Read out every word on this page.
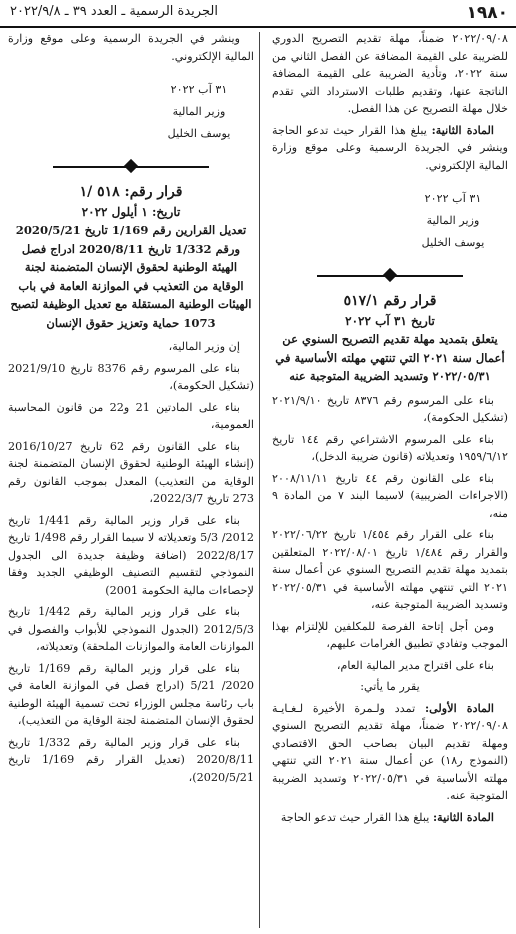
١٩٨٠
الجريدة الرسمية ـ العدد ٣٩ ـ ٢٠٢٢/٩/٨

٢٠٢٢/٠٩/٠٨ ضمناً، مهلة تقديم التصريح الدوري للضريبة على القيمة المضافة عن الفصل الثاني من سنة ٢٠٢٢، وتأدية الضريبة على القيمة المضافة الناتجة عنها، وتقديم طلبات الاسترداد التي تقدم خلال مهلة التصريح عن هذا الفصل.

المادة الثانية: يبلغ هذا القرار حيث تدعو الحاجة وينشر في الجريدة الرسمية وعلى موقع وزارة المالية الإلكتروني.

٣١ آب ٢٠٢٢

وزير المالية

يوسف الخليل

قرار رقم ٥١٧/١
تاريخ ٣١ آب ٢٠٢٢
يتعلق بتمديد مهلة تقديم التصريح السنوي عن أعمال سنة ٢٠٢١ التي تنتهي مهلته الأساسية في ٢٠٢٢/٠٥/٣١ وتسديد الضريبة المتوجبة عنه

بناء على المرسوم رقم ٨٣٧٦ تاريخ ٢٠٢١/٩/١٠ (تشكيل الحكومة)،

بناء على المرسوم الاشتراعي رقم ١٤٤ تاريخ ١٩٥٩/٦/١٢ وتعديلاته (قانون ضريبة الدخل)،

بناء على القانون رقم ٤٤ تاريخ ٢٠٠٨/١١/١١ (الاجراءات الضريبية) لاسيما البند ٧ من المادة ٩ منه،

بناء على القرار رقم ١/٤٥٤ تاريخ ٢٠٢٢/٠٦/٢٢ والقرار رقم ١/٤٨٤ تاريخ ٢٠٢٢/٠٨/٠١ المتعلقين بتمديد مهلة تقديم التصريح السنوي عن أعمال سنة ٢٠٢١ التي تنتهي مهلته الأساسية في ٢٠٢٢/٠٥/٣١ وتسديد الضريبة المتوجبة عنه،

ومن أجل إتاحة الفرصة للمكلفين للإلتزام بهذا الموجب وتفادي تطبيق الغرامات عليهم،

بناء على اقتراح مدير المالية العام،

يقرر ما يأتي:

المادة الأولى: تمدد ولـمرة الأخيرة لـغـايـة ٢٠٢٢/٠٩/٠٨ ضمناً، مهلة تقديم التصريح السنوي ومهلة تقديم البيان بصاحب الحق الاقتصادي (النموذج ر١٨) عن أعمال سنة ٢٠٢١ التي تنتهي مهلته الأساسية في ٢٠٢٢/٠٥/٣١ وتسديد الضريبة المتوجبة عنه.

المادة الثانية: يبلغ هذا القرار حيث تدعو الحاجة

وينشر في الجريدة الرسمية وعلى موقع وزارة المالية الإلكتروني.

٣١ آب ٢٠٢٢

وزير المالية

يوسف الخليل

قرار رقم: ٥١٨ /١
تاريخ: ١ أيلول ٢٠٢٢
تعديل القرارين رقم 1/169 تاريخ 2020/5/21 ورقم 1/332 تاريخ 2020/8/11 ادراج فصل الهيئة الوطنية لحقوق الإنسان المتضمنة لجنة الوقاية من التعذيب في الموازنة العامة في باب الهيئات الوطنية المستقلة مع تعديل الوظيفة لتصبح 1073 حماية وتعزيز حقوق الإنسان

إن وزير المالية،

بناء على المرسوم رقم 8376 تاريخ 2021/9/10 (تشكيل الحكومة)،

بناء على المادتين 21 و22 من قانون المحاسبة العمومية،

بناء على القانون رقم 62 تاريخ 2016/10/27 (إنشاء الهيئة الوطنية لحقوق الإنسان المتضمنة لجنة الوقاية من التعذيب) المعدل بموجب القانون رقم 273 تاريخ 2022/3/7،

بناء على قرار وزير المالية رقم 1/441 تاريخ 2012/ 5/3 وتعديلاته لا سيما القرار رقم 1/498 تاريخ 2022/8/17 (اضافة وظيفة جديدة الى الجدول النموذجي لتقسيم التصنيف الوظيفي الجديد وفقا لإحصاءات مالية الحكومة 2001)

بناء على قرار وزير المالية رقم 1/442 تاريخ 2012/5/3 (الجدول النموذجي للأبواب والفصول في الموازنات العامة والموازنات الملحقة) وتعديلاته،

بناء على قرار وزير المالية رقم 1/169 تاريخ 2020/ 5/21 (ادراج فصل في الموازنة العامة في باب رئاسة مجلس الوزراء تحت تسمية الهيئة الوطنية لحقوق الإنسان المتضمنة لجنة الوقاية من التعذيب)،

بناء على قرار وزير المالية رقم 1/332 تاريخ 2020/8/11 (تعديل القرار رقم 1/169 تاريخ 2020/5/21)،
